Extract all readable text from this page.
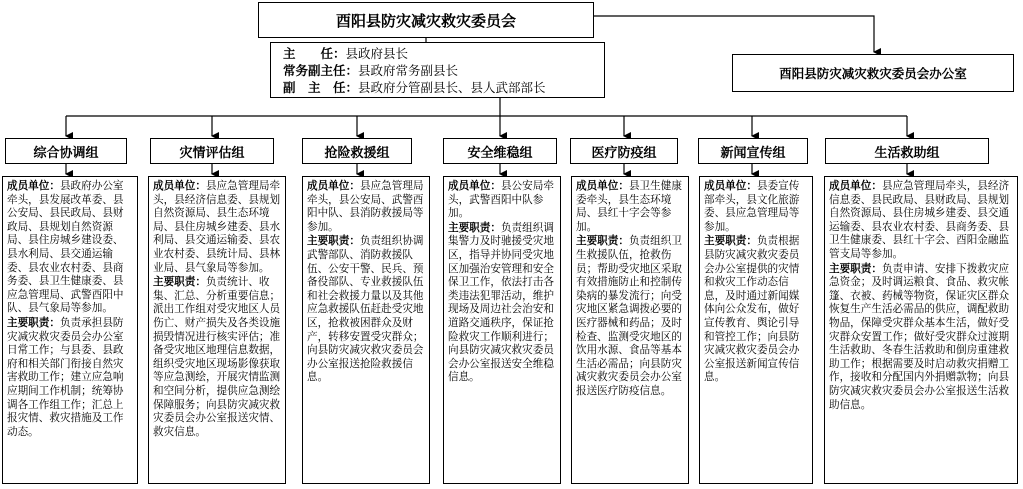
酉阳县防灾减灾救灾委员会
主　　任：县政府县长
常务副主任：县政府常务副县长
副　主　任：县政府分管副县长、县人武部部长
酉阳县防灾减灾救灾委员会办公室
综合协调组	灾情评估组	抢险救援组	安全维稳组	医疗防疫组	新闻宣传组	生活救助组

成员单位：县政府办公室牵头，县发展改革委、县公安局、县民政局、县财政局、县规划自然资源局、县住房城乡建设委、县水利局、县交通运输委、县农业农村委、县商务委、县卫生健康委、县应急管理局、武警酉阳中队、县气象局等参加。

主要职责：负责承担县防灾减灾救灾委员会办公室日常工作；与县委、县政府和相关部门衔接自然灾害救助工作；建立应急响应期间工作机制；统筹协调各工作组工作；汇总上报灾情、救灾措施及工作动态。

成员单位：县应急管理局牵头，县经济信息委、县规划自然资源局、县生态环境局、县住房城乡建委、县水利局、县交通运输委、县农业农村委、县统计局、县林业局、县气象局等参加。

主要职责：负责统计、收集、汇总、分析重要信息；派出工作组对受灾地区人员伤亡、财产损失及各类设施损毁情况进行核实评估；准备受灾地区地理信息数据，组织受灾地区现场影像获取等应急测绘，开展灾情监测和空间分析，提供应急测绘保障服务；向县防灾减灾救灾委员会办公室报送灾情、救灾信息。

成员单位：县应急管理局牵头，县公安局、武警酉阳中队、县消防救援局等参加。

主要职责：负责组织协调武警部队、消防救援队伍、公安干警、民兵、预备役部队、专业救援队伍和社会救援力量以及其他应急救援队伍赶赴受灾地区，抢救被困群众及财产，转移安置受灾群众；向县防灾减灾救灾委员会办公室报送抢险救援信息。

成员单位：县公安局牵头，武警酉阳中队参加。

主要职责：负责组织调集警力及时驰援受灾地区，指导并协同受灾地区加强治安管理和安全保卫工作，依法打击各类违法犯罪活动，维护现场及周边社会治安和道路交通秩序，保证抢险救灾工作顺利进行；向县防灾减灾救灾委员会办公室报送安全维稳信息。

成员单位：县卫生健康委牵头，县生态环境局、县红十字会等参加。

主要职责：负责组织卫生救援队伍，抢救伤员；帮助受灾地区采取有效措施防止和控制传染病的暴发流行；向受灾地区紧急调拨必要的医疗器械和药品；及时检查、监测受灾地区的饮用水源、食品等基本生活必需品；向县防灾减灾救灾委员会办公室报送医疗防疫信息。

成员单位：县委宣传部牵头，县文化旅游委、县应急管理局等参加。

主要职责：负责根据县防灾减灾救灾委员会办公室提供的灾情和救灾工作动态信息，及时通过新闻媒体向公众发布，做好宣传教育、舆论引导和管控工作；向县防灾减灾救灾委员会办公室报送新闻宣传信息。

成员单位：县应急管理局牵头，县经济信息委、县民政局、县财政局、县规划自然资源局、县住房城乡建委、县交通运输委、县农业农村委、县商务委、县卫生健康委、县红十字会、酉阳金融监管支局等参加。

主要职责：负责申请、安排下拨救灾应急资金；及时调运粮食、食品、救灾帐篷、衣被、药械等物资，保证灾区群众恢复生产生活必需品的供应，调配救助物品，保障受灾群众基本生活，做好受灾群众安置工作；做好受灾群众过渡期生活救助、冬春生活救助和倒房重建救助工作；根据需要及时启动救灾捐赠工作，接收和分配国内外捐赠款物；向县防灾减灾救灾委员会办公室报送生活救助信息。
